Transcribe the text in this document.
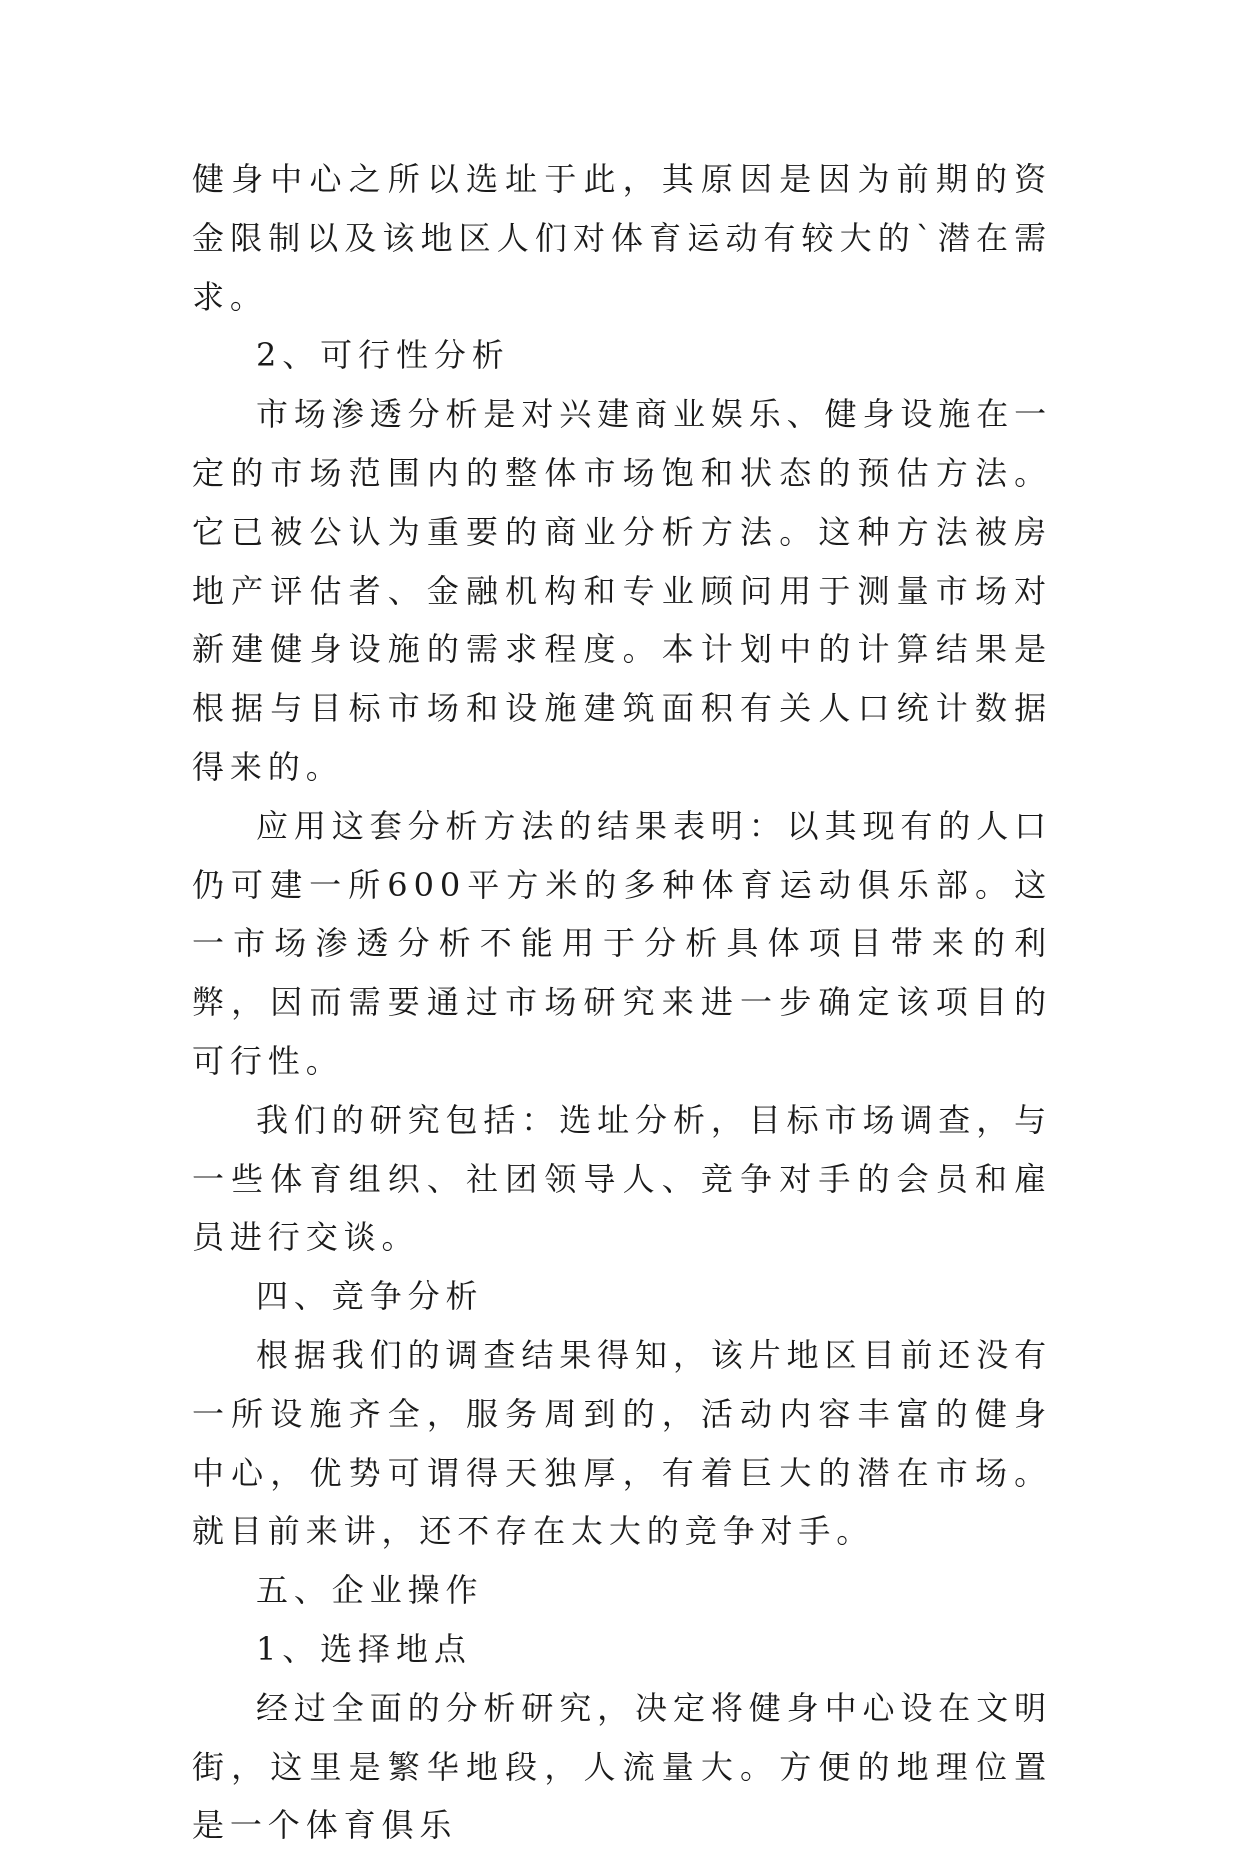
健身中心之所以选址于此，其原因是因为前期的资金限制以及该地区人们对体育运动有较大的`潜在需求。

2、可行性分析

市场渗透分析是对兴建商业娱乐、健身设施在一定的市场范围内的整体市场饱和状态的预估方法。它已被公认为重要的商业分析方法。这种方法被房地产评估者、金融机构和专业顾问用于测量市场对新建健身设施的需求程度。本计划中的计算结果是根据与目标市场和设施建筑面积有关人口统计数据得来的。

应用这套分析方法的结果表明：以其现有的人口仍可建一所600平方米的多种体育运动俱乐部。这一市场渗透分析不能用于分析具体项目带来的利弊，因而需要通过市场研究来进一步确定该项目的可行性。

我们的研究包括：选址分析，目标市场调查，与一些体育组织、社团领导人、竞争对手的会员和雇员进行交谈。

四、竞争分析

根据我们的调查结果得知，该片地区目前还没有一所设施齐全，服务周到的，活动内容丰富的健身中心，优势可谓得天独厚，有着巨大的潜在市场。就目前来讲，还不存在太大的竞争对手。

五、企业操作

1、选择地点

经过全面的分析研究，决定将健身中心设在文明街，这里是繁华地段，人流量大。方便的地理位置是一个体育俱乐
